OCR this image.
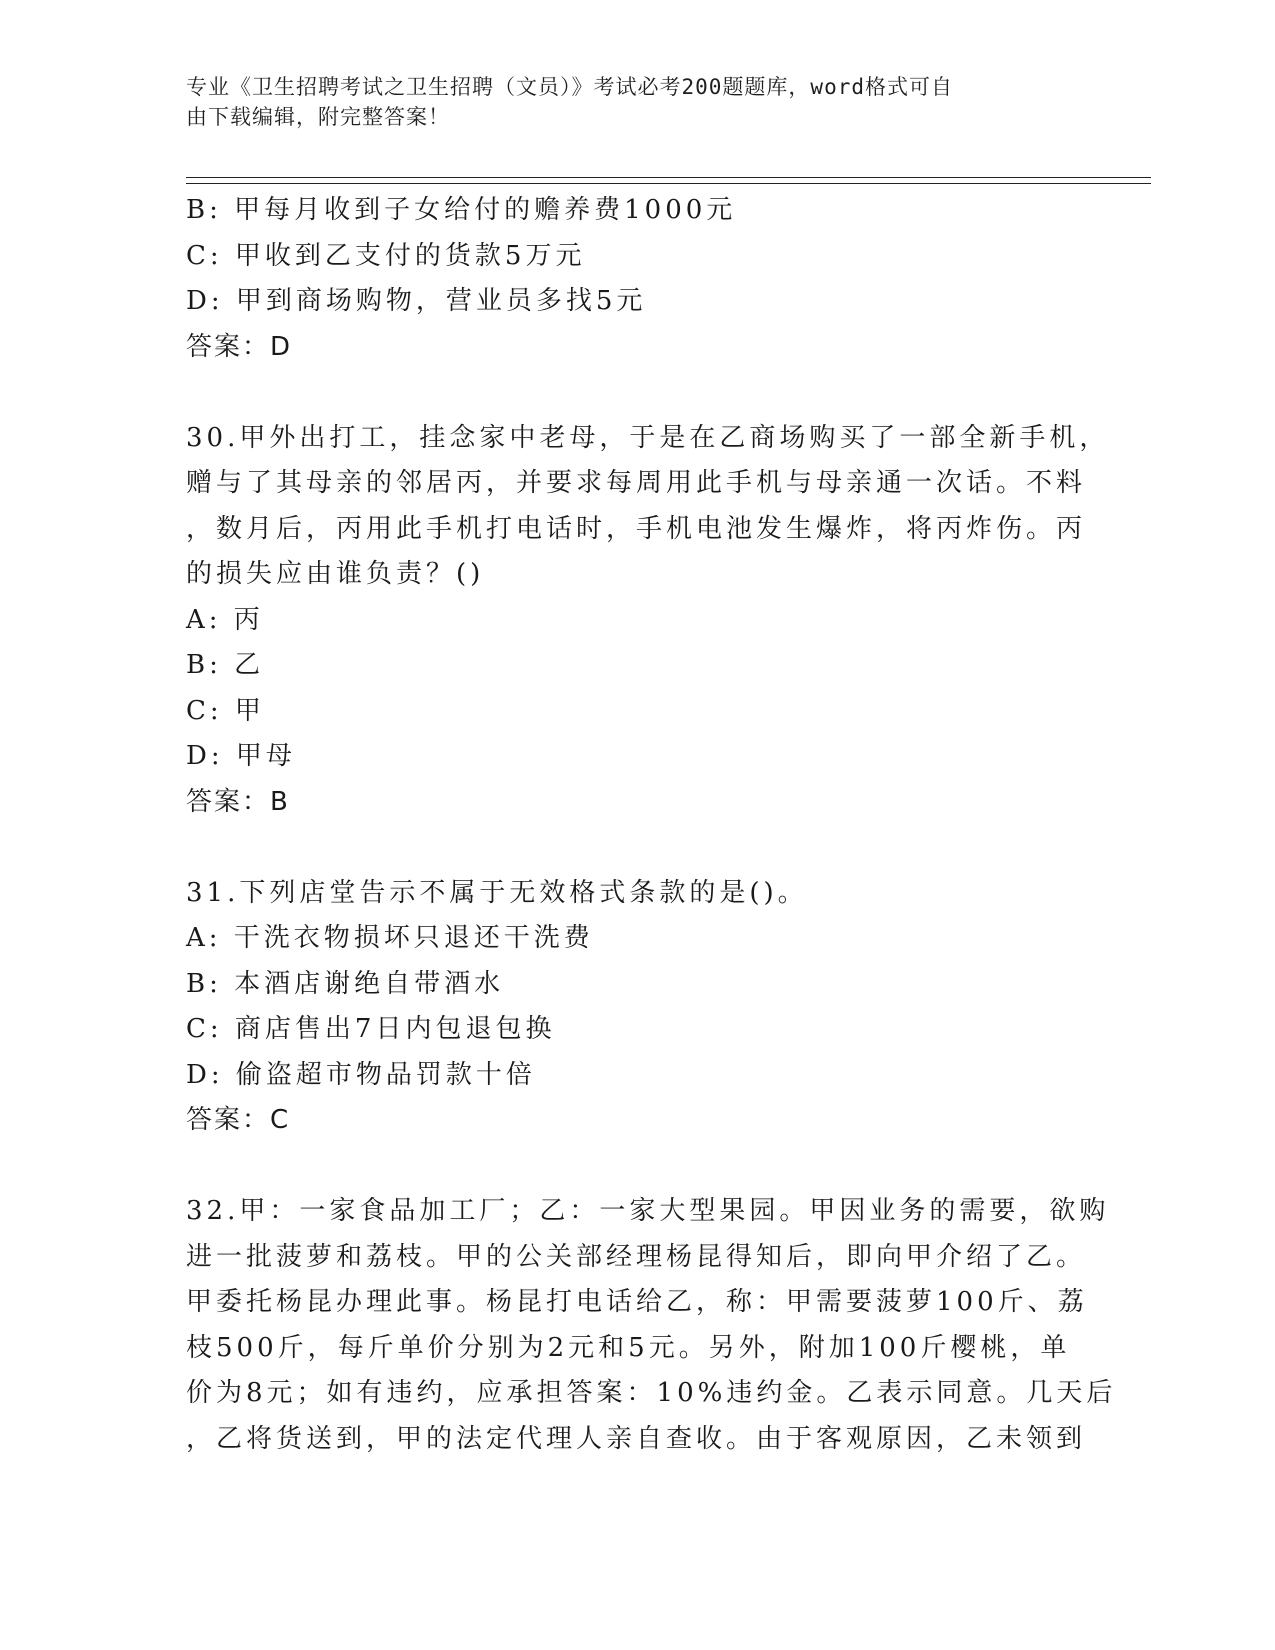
专业《卫生招聘考试之卫生招聘（文员）》考试必考200题题库，word格式可自
由下载编辑，附完整答案！

B: 甲每月收到子女给付的赡养费1000元

C: 甲收到乙支付的货款5万元

D: 甲到商场购物，营业员多找5元

答案：D

30.甲外出打工，挂念家中老母，于是在乙商场购买了一部全新手机，

赠与了其母亲的邻居丙，并要求每周用此手机与母亲通一次话。不料

，数月后，丙用此手机打电话时，手机电池发生爆炸，将丙炸伤。丙

的损失应由谁负责？()

A: 丙

B: 乙

C: 甲

D: 甲母

答案：B

31.下列店堂告示不属于无效格式条款的是()。

A: 干洗衣物损坏只退还干洗费

B: 本酒店谢绝自带酒水

C: 商店售出7日内包退包换

D: 偷盗超市物品罚款十倍

答案：C

32.甲：一家食品加工厂；乙：一家大型果园。甲因业务的需要，欲购

进一批菠萝和荔枝。甲的公关部经理杨昆得知后，即向甲介绍了乙。

甲委托杨昆办理此事。杨昆打电话给乙，称：甲需要菠萝100斤、荔

枝500斤，每斤单价分别为2元和5元。另外，附加100斤樱桃，单

价为8元；如有违约，应承担答案：10%违约金。乙表示同意。几天后

，乙将货送到，甲的法定代理人亲自查收。由于客观原因，乙未领到
